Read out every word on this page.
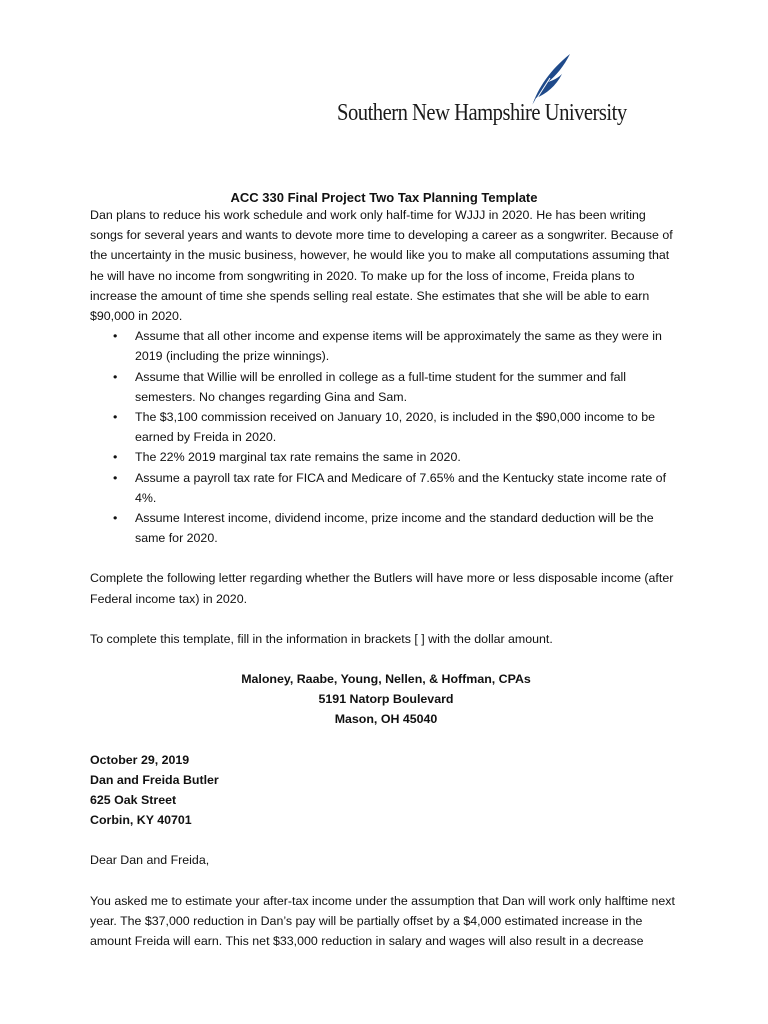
Southern New Hampshire University
ACC 330 Final Project Two Tax Planning Template

Dan plans to reduce his work schedule and work only half-time for WJJJ in 2020. He has been writing songs for several years and wants to devote more time to developing a career as a songwriter. Because of the uncertainty in the music business, however, he would like you to make all computations assuming that he will have no income from songwriting in 2020. To make up for the loss of income, Freida plans to increase the amount of time she spends selling real estate. She estimates that she will be able to earn $90,000 in 2020.

• Assume that all other income and expense items will be approximately the same as they were in 2019 (including the prize winnings).
• Assume that Willie will be enrolled in college as a full-time student for the summer and fall semesters. No changes regarding Gina and Sam.
• The $3,100 commission received on January 10, 2020, is included in the $90,000 income to be earned by Freida in 2020.
• The 22% 2019 marginal tax rate remains the same in 2020.
• Assume a payroll tax rate for FICA and Medicare of 7.65% and the Kentucky state income rate of 4%.
• Assume Interest income, dividend income, prize income and the standard deduction will be the same for 2020.

Complete the following letter regarding whether the Butlers will have more or less disposable income (after Federal income tax) in 2020.

To complete this template, fill in the information in brackets [ ] with the dollar amount.

Maloney, Raabe, Young, Nellen, & Hoffman, CPAs
5191 Natorp Boulevard
Mason, OH 45040
October 29, 2019
Dan and Freida Butler
625 Oak Street
Corbin, KY 40701

Dear Dan and Freida,

You asked me to estimate your after-tax income under the assumption that Dan will work only halftime next year. The $37,000 reduction in Dan’s pay will be partially offset by a $4,000 estimated increase in the amount Freida will earn. This net $33,000 reduction in salary and wages will also result in a decrease
